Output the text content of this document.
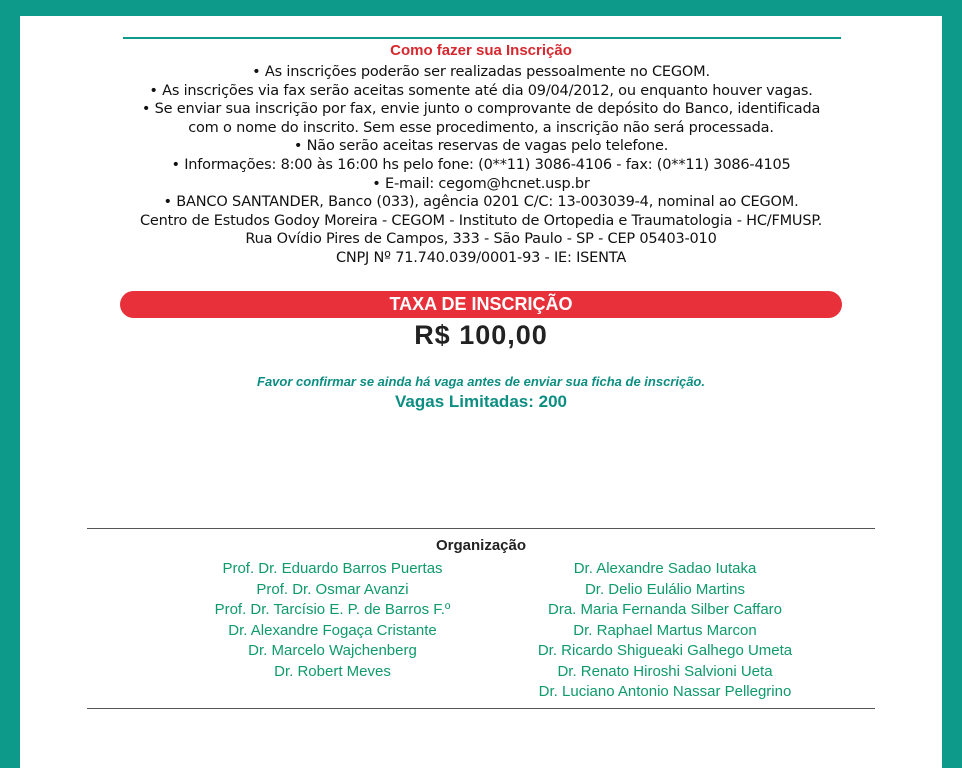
Como fazer sua Inscrição
• As inscrições poderão ser realizadas pessoalmente no CEGOM.
• As inscrições via fax serão aceitas somente até dia 09/04/2012, ou enquanto houver vagas.
• Se enviar sua inscrição por fax, envie junto o comprovante de depósito do Banco, identificada
com o nome do inscrito. Sem esse procedimento, a inscrição não será processada.
• Não serão aceitas reservas de vagas pelo telefone.
• Informações: 8:00 às 16:00 hs pelo fone: (0**11) 3086-4106 - fax: (0**11) 3086-4105
• E-mail: cegom@hcnet.usp.br
• BANCO SANTANDER, Banco (033), agência 0201 C/C: 13-003039-4, nominal ao CEGOM.
Centro de Estudos Godoy Moreira - CEGOM - Instituto de Ortopedia e Traumatologia - HC/FMUSP.
Rua Ovídio Pires de Campos, 333 - São Paulo - SP - CEP 05403-010
CNPJ Nº 71.740.039/0001-93 - IE: ISENTA
TAXA DE INSCRIÇÃO
R$ 100,00
Favor confirmar se ainda há vaga antes de enviar sua ficha de inscrição.
Vagas Limitadas: 200
Organização
Prof. Dr. Eduardo Barros Puertas
Prof. Dr. Osmar Avanzi
Prof. Dr. Tarcísio E. P. de Barros F.º
Dr. Alexandre Fogaça Cristante
Dr. Marcelo Wajchenberg
Dr. Robert Meves
Dr. Alexandre Sadao Iutaka
Dr. Delio Eulálio Martins
Dra. Maria Fernanda Silber Caffaro
Dr. Raphael Martus Marcon
Dr. Ricardo Shigueaki Galhego Umeta
Dr. Renato Hiroshi Salvioni Ueta
Dr. Luciano Antonio Nassar Pellegrino
